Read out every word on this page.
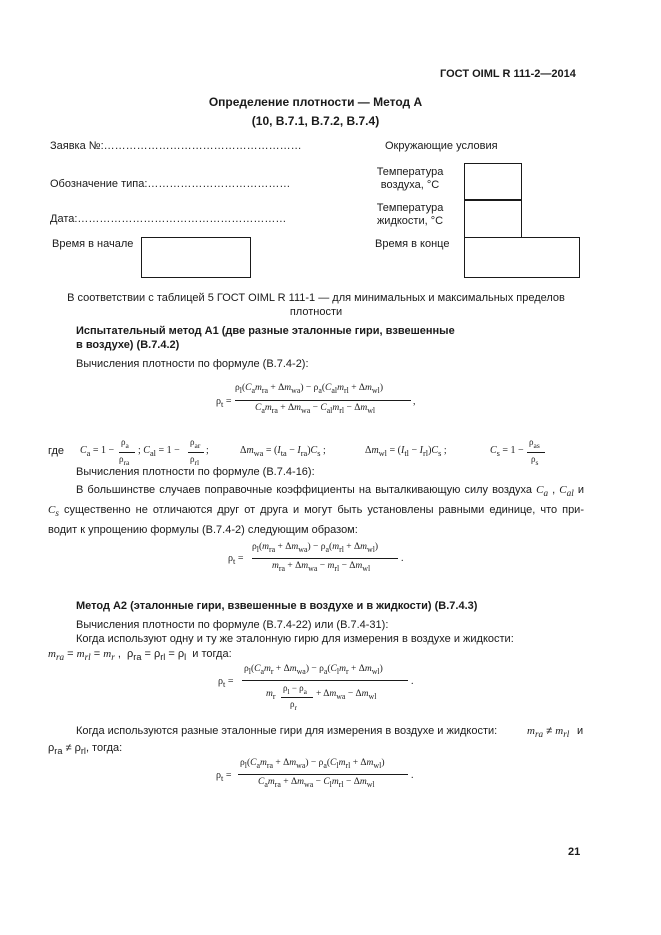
ГОСТ OIML R 111-2—2014
Определение плотности — Метод А
(10, B.7.1, B.7.2, B.7.4)
Заявка №:………………………………………………
Обозначение типа:…………………………………
Дата:…………………………………………………
Время в начале
Окружающие условия
Температура
воздуха, °C
Температура
жидкости, °C
Время в конце
В соответствии с таблицей 5 ГОСТ OIML R 111-1 — для минимальных и максимальных пределов
плотности
Испытательный метод А1 (две разные эталонные гири, взвешенные
в воздухе) (B.7.4.2)
Вычисления плотности по формуле (B.7.4-2):
$\rho_t$ =
$\rho_l(C_am_{ra} + \Delta m_{wa}) - \rho_a(C_{al}m_{rl} + \Delta m_{wl})$
$C_am_{ra} + \Delta m_{wa} - C_{al}m_{rl} - \Delta m_{wl}$
,
где $C_a = 1$ −
$\rho_a$
$\rho_{ra}$
; $C_{al} = 1$ −
$\rho_{ar}$
$\rho_{rl}$
;	$\Delta m_{wa} = (I_{ta} - I_{ra})C_s$ ;	$\Delta m_{wl} = (I_{tl} - I_{rl})C_s$ ;	$C_s = 1$ −
$\rho_{as}$
$\rho_s$
Вычисления плотности по формуле (B.7.4-16):
В большинстве случаев поправочные коэффициенты на выталкивающую силу воздуха $C_a$ , $C_{al}$ и $C_s$ существенно не отличаются друг от друга и могут быть установлены равными единице, что при-водит к упрощению формулы (B.7.4-2) следующим образом:
$\rho_t$ =
$\rho_l(m_{ra} + \Delta m_{wa}) - \rho_a(m_{rl} + \Delta m_{wl})$
$m_{ra} + \Delta m_{wa} - m_{rl} - \Delta m_{wl}$
.
Метод А2 (эталонные гири, взвешенные в воздухе и в жидкости) (B.7.4.3)
Вычисления плотности по формуле (B.7.4-22) или (B.7.4-31):
Когда используют одну и ту же эталонную гирю для измерения в воздухе и жидкости:
$m_{ra} = m_{rl} = m_r$ ,  $\rho_{ra} = \rho_{rl} = \rho_l$ и тогда:
$\rho_t$ =
$\rho_l(C_am_r + \Delta m_{wa}) - \rho_a(C_lm_r + \Delta m_{wl})$
$m_r$
$\rho_l - \rho_a$
$\rho_r$
+ $\Delta m_{wa} - \Delta m_{wl}$
.
Когда используются разные эталонные гири для измерения в воздухе и жидкости:	$m_{ra} \ne m_{rl}$ и
$\rho_{ra} \ne \rho_{rl}$, тогда:
$\rho_t$ =
$\rho_l(C_am_{ra} + \Delta m_{wa}) - \rho_a(C_lm_{rl} + \Delta m_{wl})$
$C_am_{ra} + \Delta m_{wa} - C_lm_{rl} - \Delta m_{wl}$
.
21
